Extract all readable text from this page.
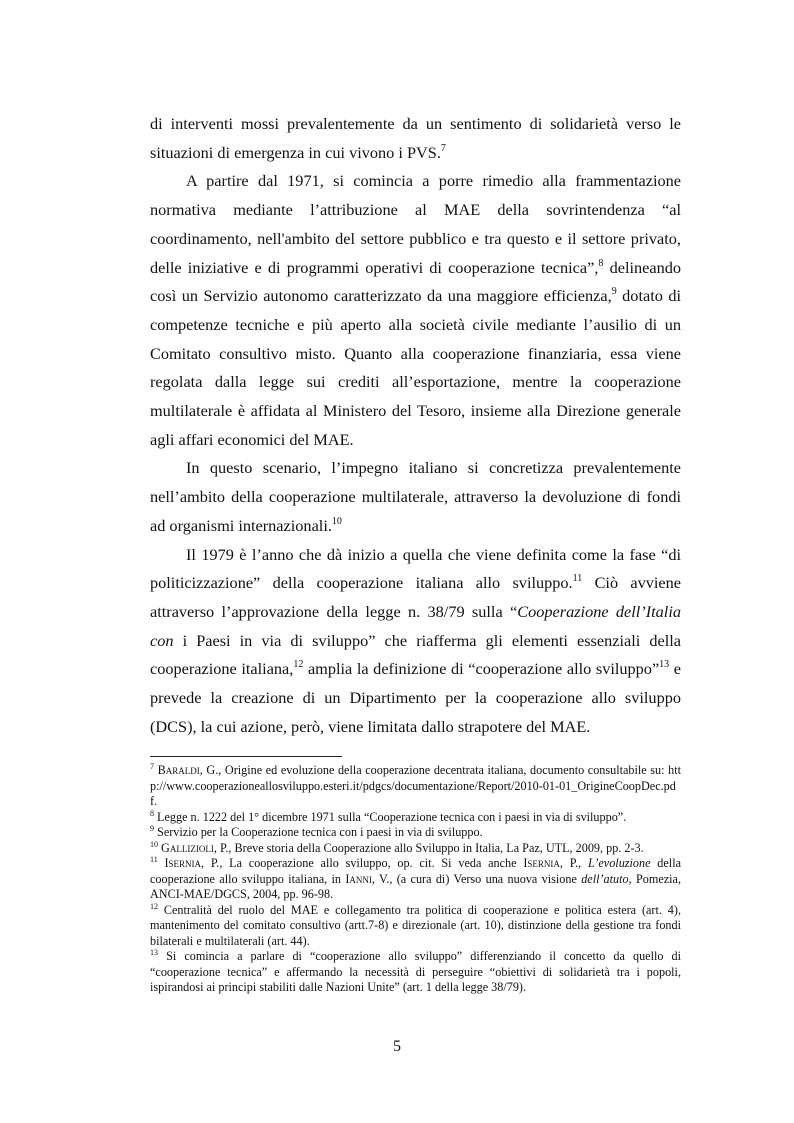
di interventi mossi prevalentemente da un sentimento di solidarietà verso le situazioni di emergenza in cui vivono i PVS.$^7$

A partire dal 1971, si comincia a porre rimedio alla frammentazione normativa mediante l’attribuzione al MAE della sovrintendenza “al coordinamento, nell'ambito del settore pubblico e tra questo e il settore privato, delle iniziative e di programmi operativi di cooperazione tecnica”,$^8$ delineando così un Servizio autonomo caratterizzato da una maggiore efficienza,$^9$ dotato di competenze tecniche e più aperto alla società civile mediante l’ausilio di un Comitato consultivo misto. Quanto alla cooperazione finanziaria, essa viene regolata dalla legge sui crediti all’esportazione, mentre la cooperazione multilaterale è affidata al Ministero del Tesoro, insieme alla Direzione generale agli affari economici del MAE.

In questo scenario, l’impegno italiano si concretizza prevalentemente nell’ambito della cooperazione multilaterale, attraverso la devoluzione di fondi ad organismi internazionali.$^{10}$

Il 1979 è l’anno che dà inizio a quella che viene definita come la fase “di politicizzazione” della cooperazione italiana allo sviluppo.$^{11}$ Ciò avviene attraverso l’approvazione della legge n. 38/79 sulla “Cooperazione dell’Italia con i Paesi in via di sviluppo” che riafferma gli elementi essenziali della cooperazione italiana,$^{12}$ amplia la definizione di “cooperazione allo sviluppo”$^{13}$ e prevede la creazione di un Dipartimento per la cooperazione allo sviluppo (DCS), la cui azione, però, viene limitata dallo strapotere del MAE.

$^7$ Baraldi, G., Origine ed evoluzione della cooperazione decentrata italiana, documento consultabile su: http://www.cooperazioneallosviluppo.esteri.it/pdgcs/documentazione/Report/2010-01-01_OrigineCoopDec.pdf.

$^8$ Legge n. 1222 del 1° dicembre 1971 sulla “Cooperazione tecnica con i paesi in via di sviluppo”.

$^9$ Servizio per la Cooperazione tecnica con i paesi in via di sviluppo.

$^{10}$ Gallizioli, P., Breve storia della Cooperazione allo Sviluppo in Italia, La Paz, UTL, 2009, pp. 2-3.

$^{11}$ Isernia, P., La cooperazione allo sviluppo, op. cit. Si veda anche Isernia, P., L’evoluzione della cooperazione allo sviluppo italiana, in Ianni, V., (a cura di) Verso una nuova visione dell’atuto, Pomezia, ANCI-MAE/DGCS, 2004, pp. 96-98.

$^{12}$ Centralità del ruolo del MAE e collegamento tra politica di cooperazione e politica estera (art. 4), mantenimento del comitato consultivo (artt.7-8) e direzionale (art. 10), distinzione della gestione tra fondi bilaterali e multilaterali (art. 44).

$^{13}$ Si comincia a parlare di “cooperazione allo sviluppo” differenziando il concetto da quello di “cooperazione tecnica” e affermando la necessità di perseguire “obiettivi di solidarietà tra i popoli, ispirandosi ai principi stabiliti dalle Nazioni Unite” (art. 1 della legge 38/79).

5
